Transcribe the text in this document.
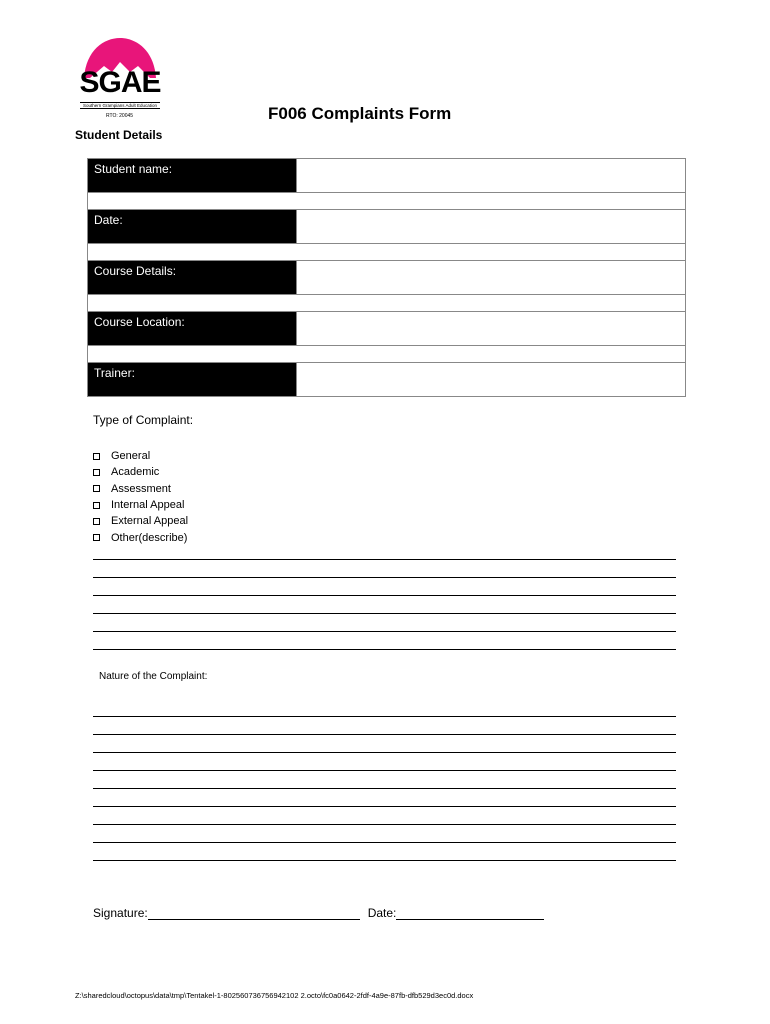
SGAE
Southern Grampians Adult Education
RTO: 20045	F006 Complaints Form
Student Details
Student name:
Date:
Course Details:
Course Location:
Trainer:
Type of Complaint:
General
Academic
Assessment
Internal Appeal
External Appeal
Other(describe)
Nature of the Complaint:
Signature:	Date:
Z:\sharedcloud\octopus\data\tmp\Tentakel-1-802560736756942102 2.octo\fc0a0642-2fdf-4a9e-87fb-dfb529d3ec0d.docx
